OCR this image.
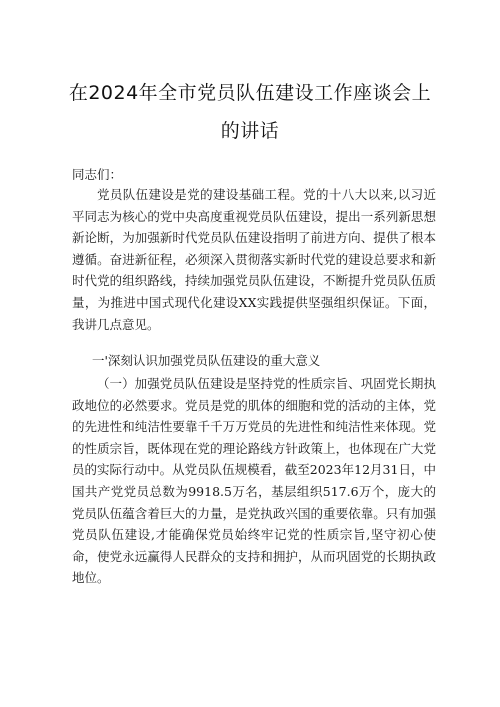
在2024年全市党员队伍建设工作座谈会上
的讲话

同志们：

党员队伍建设是党的建设基础工程。党的十八大以来,以习近平同志为核心的党中央高度重视党员队伍建设，提出一系列新思想新论断，为加强新时代党员队伍建设指明了前进方向、提供了根本遵循。奋进新征程，必须深入贯彻落实新时代党的建设总要求和新时代党的组织路线，持续加强党员队伍建设，不断提升党员队伍质量，为推进中国式现代化建设XX实践提供坚强组织保证。下面，我讲几点意见。

一'深刻认识加强党员队伍建设的重大意义

（一）加强党员队伍建设是坚持党的性质宗旨、巩固党长期执政地位的必然要求。党员是党的肌体的细胞和党的活动的主体，党的先进性和纯洁性要靠千千万万党员的先进性和纯洁性来体现。党的性质宗旨，既体现在党的理论路线方针政策上，也体现在广大党员的实际行动中。从党员队伍规模看，截至2023年12月31日，中国共产党党员总数为9918.5万名，基层组织517.6万个，庞大的党员队伍蕴含着巨大的力量，是党执政兴国的重要依靠。只有加强党员队伍建设,才能确保党员始终牢记党的性质宗旨,坚守初心使命，使党永远赢得人民群众的支持和拥护，从而巩固党的长期执政地位。
